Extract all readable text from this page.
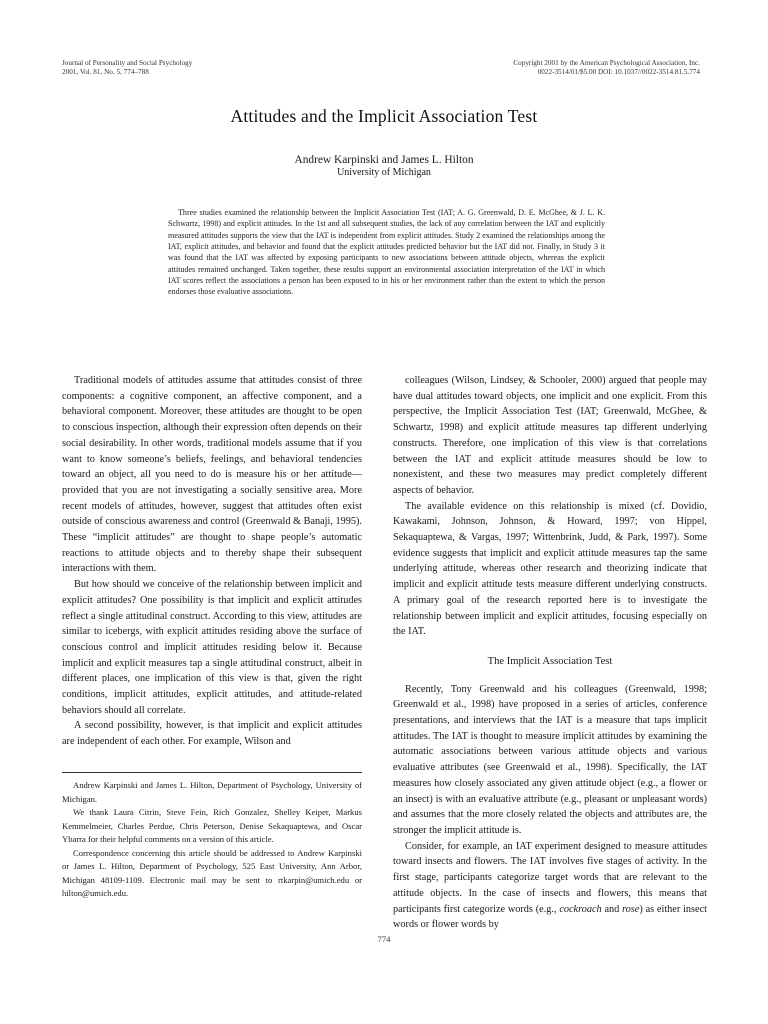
Journal of Personality and Social Psychology
2001, Vol. 81, No. 5, 774–788
Copyright 2001 by the American Psychological Association, Inc.
0022-3514/01/$5.00 DOI: 10.1037//0022-3514.81.5.774
Attitudes and the Implicit Association Test
Andrew Karpinski and James L. Hilton
University of Michigan

Three studies examined the relationship between the Implicit Association Test (IAT; A. G. Greenwald, D. E. McGhee, & J. L. K. Schwartz, 1998) and explicit attitudes. In the 1st and all subsequent studies, the lack of any correlation between the IAT and explicitly measured attitudes supports the view that the IAT is independent from explicit attitudes. Study 2 examined the relationships among the IAT, explicit attitudes, and behavior and found that the explicit attitudes predicted behavior but the IAT did not. Finally, in Study 3 it was found that the IAT was affected by exposing participants to new associations between attitude objects, whereas the explicit attitudes remained unchanged. Taken together, these results support an environmental association interpretation of the IAT in which IAT scores reflect the associations a person has been exposed to in his or her environment rather than the extent to which the person endorses those evaluative associations.

Traditional models of attitudes assume that attitudes consist of three components: a cognitive component, an affective component, and a behavioral component. Moreover, these attitudes are thought to be open to conscious inspection, although their expression often depends on their social desirability. In other words, traditional models assume that if you want to know someone’s beliefs, feelings, and behavioral tendencies toward an object, all you need to do is measure his or her attitude—provided that you are not investigating a socially sensitive area. More recent models of attitudes, however, suggest that attitudes often exist outside of conscious awareness and control (Greenwald & Banaji, 1995). These “implicit attitudes” are thought to shape people’s automatic reactions to attitude objects and to thereby shape their subsequent interactions with them.

But how should we conceive of the relationship between implicit and explicit attitudes? One possibility is that implicit and explicit attitudes reflect a single attitudinal construct. According to this view, attitudes are similar to icebergs, with explicit attitudes residing above the surface of conscious control and implicit attitudes residing below it. Because implicit and explicit measures tap a single attitudinal construct, albeit in different places, one implication of this view is that, given the right conditions, implicit attitudes, explicit attitudes, and attitude-related behaviors should all correlate.

A second possibility, however, is that implicit and explicit attitudes are independent of each other. For example, Wilson and

Andrew Karpinski and James L. Hilton, Department of Psychology, University of Michigan.

We thank Laura Citrin, Steve Fein, Rich Gonzalez, Shelley Keiper, Markus Kemmelmeier, Charles Perdue, Chris Peterson, Denise Sekaquaptewa, and Oscar Ybarra for their helpful comments on a version of this article.

Correspondence concerning this article should be addressed to Andrew Karpinski or James L. Hilton, Department of Psychology, 525 East University, Ann Arbor, Michigan 48109-1109. Electronic mail may be sent to rtkarpin@umich.edu or hilton@umich.edu.

colleagues (Wilson, Lindsey, & Schooler, 2000) argued that people may have dual attitudes toward objects, one implicit and one explicit. From this perspective, the Implicit Association Test (IAT; Greenwald, McGhee, & Schwartz, 1998) and explicit attitude measures tap different underlying constructs. Therefore, one implication of this view is that correlations between the IAT and explicit attitude measures should be low to nonexistent, and these two measures may predict completely different aspects of behavior.

The available evidence on this relationship is mixed (cf. Dovidio, Kawakami, Johnson, Johnson, & Howard, 1997; von Hippel, Sekaquaptewa, & Vargas, 1997; Wittenbrink, Judd, & Park, 1997). Some evidence suggests that implicit and explicit attitude measures tap the same underlying attitude, whereas other research and theorizing indicate that implicit and explicit attitude tests measure different underlying constructs. A primary goal of the research reported here is to investigate the relationship between implicit and explicit attitudes, focusing especially on the IAT.

The Implicit Association Test

Recently, Tony Greenwald and his colleagues (Greenwald, 1998; Greenwald et al., 1998) have proposed in a series of articles, conference presentations, and interviews that the IAT is a measure that taps implicit attitudes. The IAT is thought to measure implicit attitudes by examining the automatic associations between various attitude objects and various evaluative attributes (see Greenwald et al., 1998). Specifically, the IAT measures how closely associated any given attitude object (e.g., a flower or an insect) is with an evaluative attribute (e.g., pleasant or unpleasant words) and assumes that the more closely related the objects and attributes are, the stronger the implicit attitude is.

Consider, for example, an IAT experiment designed to measure attitudes toward insects and flowers. The IAT involves five stages of activity. In the first stage, participants categorize target words that are relevant to the attitude objects. In the case of insects and flowers, this means that participants first categorize words (e.g., cockroach and rose) as either insect words or flower words by

774
